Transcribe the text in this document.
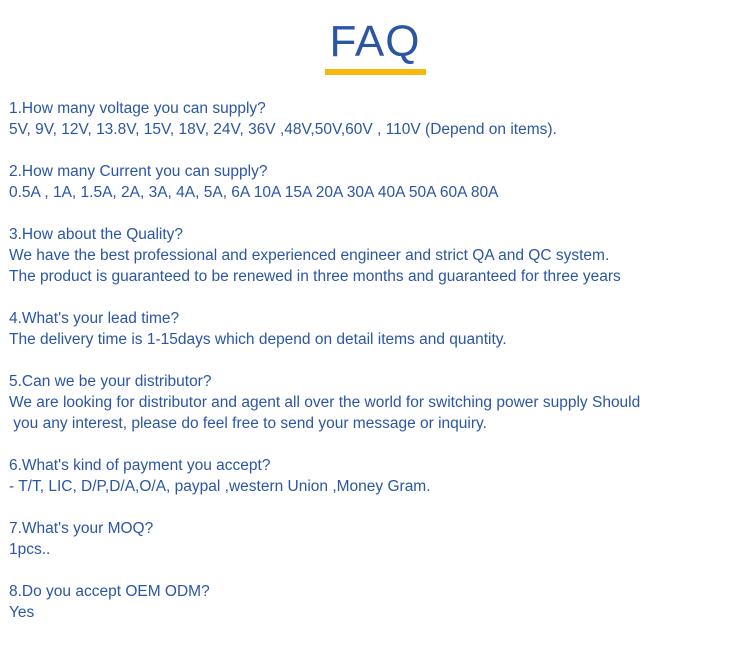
FAQ

1.How many voltage you can supply?

5V, 9V, 12V, 13.8V, 15V, 18V, 24V, 36V ,48V,50V,60V , 110V (Depend on items).

2.How many Current you can supply?

0.5A , 1A, 1.5A, 2A, 3A, 4A, 5A, 6A 10A 15A 20A 30A 40A 50A 60A 80A

3.How about the Quality?

We have the best professional and experienced engineer and strict QA and QC system.

The product is guaranteed to be renewed in three months and guaranteed for three years

4.What's your lead time?

The delivery time is 1-15days which depend on detail items and quantity.

5.Can we be your distributor?

We are looking for distributor and agent all over the world for switching power supply Should

you any interest, please do feel free to send your message or inquiry.

6.What's kind of payment you accept?

- T/T, LIC, D/P,D/A,O/A, paypal ,western Union ,Money Gram.

7.What's your MOQ?

1pcs..

8.Do you accept OEM ODM?

Yes
